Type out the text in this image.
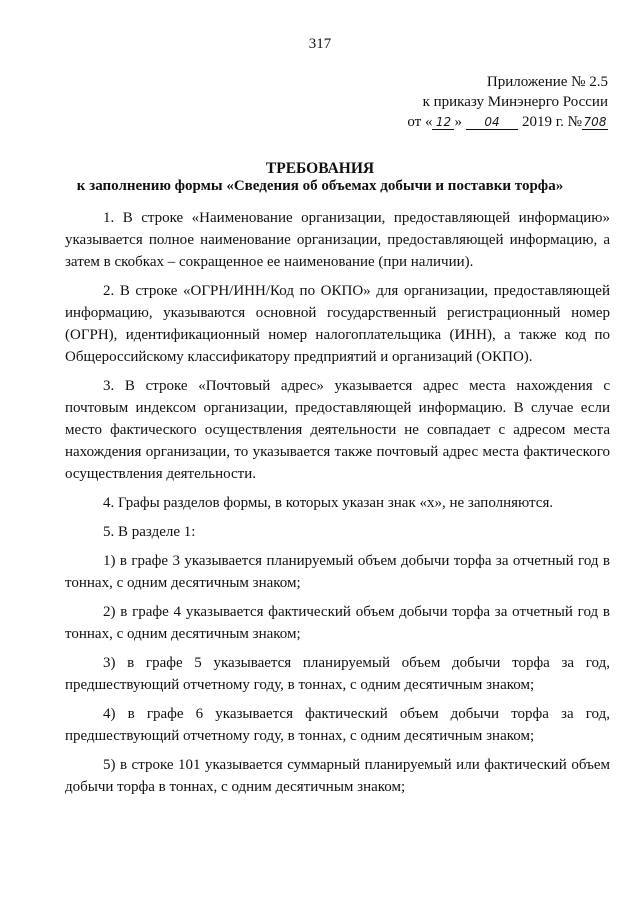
317
Приложение № 2.5
к приказу Минэнерго России
от « 12 »	04	2019 г. № 708
ТРЕБОВАНИЯ
к заполнению формы «Сведения об объемах добычи и поставки торфа»

1. В строке «Наименование организации, предоставляющей информацию» указывается полное наименование организации, предоставляющей информацию, а затем в скобках – сокращенное ее наименование (при наличии).

2. В строке «ОГРН/ИНН/Код по ОКПО» для организации, предоставляющей информацию, указываются основной государственный регистрационный номер (ОГРН), идентификационный номер налогоплательщика (ИНН), а также код по Общероссийскому классификатору предприятий и организаций (ОКПО).

3. В строке «Почтовый адрес» указывается адрес места нахождения с почтовым индексом организации, предоставляющей информацию. В случае если место фактического осуществления деятельности не совпадает с адресом места нахождения организации, то указывается также почтовый адрес места фактического осуществления деятельности.

4. Графы разделов формы, в которых указан знак «х», не заполняются.

5. В разделе 1:

1) в графе 3 указывается планируемый объем добычи торфа за отчетный год в тоннах, с одним десятичным знаком;

2) в графе 4 указывается фактический объем добычи торфа за отчетный год в тоннах, с одним десятичным знаком;

3) в графе 5 указывается планируемый объем добычи торфа за год, предшествующий отчетному году, в тоннах, с одним десятичным знаком;

4) в графе 6 указывается фактический объем добычи торфа за год, предшествующий отчетному году, в тоннах, с одним десятичным знаком;

5) в строке 101 указывается суммарный планируемый или фактический объем добычи торфа в тоннах, с одним десятичным знаком;
